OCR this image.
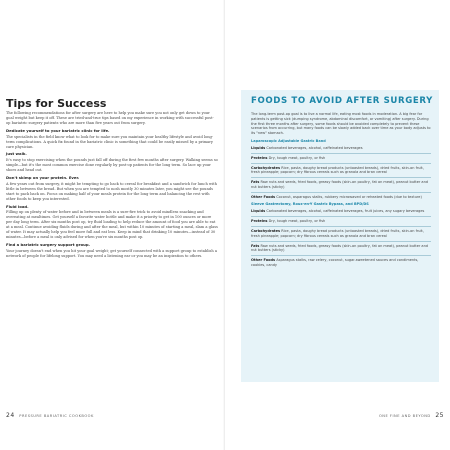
Tips for Success

The following recommendations for after surgery are here to help you make sure you not only get down to your goal weight but keep it off. These are tried-and-true tips based on my experience in working with successful post-op bariatric surgery patients who are more than five years out from surgery.

Dedicate yourself to your bariatric clinic for life.

The specialists in the field know what to look for to make sure you maintain your healthy lifestyle and avoid long-term complications. A quick fix found in the bariatric clinic is something that could be easily missed by a primary care physician.

Just walk.

It's easy to stop exercising when the pounds just fall off during the first few months after surgery. Walking seems so simple—but it's the most common exercise done regularly by post-op patients for the long term. So lace up your shoes and head out.

Don't skimp on your protein. Ever.

A few years out from surgery, it might be tempting to go back to cereal for breakfast and a sandwich for lunch with little in between the bread. But when you are tempted to nosh mostly 30 minutes later, you might see the pounds start to pack back on. Focus on making half of your meals protein for the long term and balancing the rest with other foods to keep you interested.

Fluid load.

Filling up on plenty of water before and in between meals is a sure-fire trick to avoid mindless snacking and overeating at mealtimes. Get yourself a favorite water bottle and make it a priority to get in 100 ounces or more per day long term. After six months post op, try fluid loading to help reduce the amount of food you are able to eat at a meal. Continue avoiding fluids during and after the meal, but within 10 minutes of starting a meal, slam a glass of water. It may actually help you feel more full and eat less. Keep in mind that drinking 10 minutes—instead of 30 minutes—before a meal is only advised for when you're six months post op.

Find a bariatric surgery support group.

Your journey doesn't end when you hit your goal weight; get yourself connected with a support group to establish a network of people for lifelong support. You may need a listening ear or you may be an inspiration to others.

24 PRESSURE BARIATRIC COOKBOOK
FOODS TO AVOID AFTER SURGERY

The long-term post-op goal is to live a normal life, eating most foods in moderation. A big fear for patients is getting sick (dumping syndrome, abdominal discomfort, or vomiting) after surgery. During the first three months after surgery, some foods should be avoided completely to prevent these scenarios from occurring, but many foods can be slowly added back over time as your body adjusts to its "new" stomach.

Laparoscopic Adjustable Gastric Band

Liquids Carbonated beverages, alcohol, caffeinated beverages

Proteins Dry, tough meat, poultry, or fish

Carbohydrates Rice, pasta, doughy bread products (untoasted breads), dried fruits, skin-on fruit, fresh pineapple; popcorn; dry fibrous cereals such as granola and bran cereal

Fats Raw nuts and seeds, fried foods, greasy foods (skin-on poultry, fat on meat), peanut butter and nut butters (sticky)

Other Foods Coconut, asparagus stalks, rubbery microwaved or reheated foods (due to texture)

Sleeve Gastrectomy, Roux-en-Y Gastric Bypass, and BPD/DS

Liquids Carbonated beverages, alcohol, caffeinated beverages, fruit juices, any sugary beverages

Proteins Dry, tough meat, poultry, or fish

Carbohydrates Rice, pasta, doughy bread products (untoasted breads), dried fruits, skin-on fruit, fresh pineapple; popcorn; dry fibrous cereals such as granola and bran cereal

Fats Raw nuts and seeds, fried foods, greasy foods (skin-on poultry, fat on meat), peanut butter and nut butters (sticky)

Other Foods Asparagus stalks, raw celery, coconut, sugar-sweetened sauces and condiments, cookies, candy

ONE FINE AND BEYOND 25
